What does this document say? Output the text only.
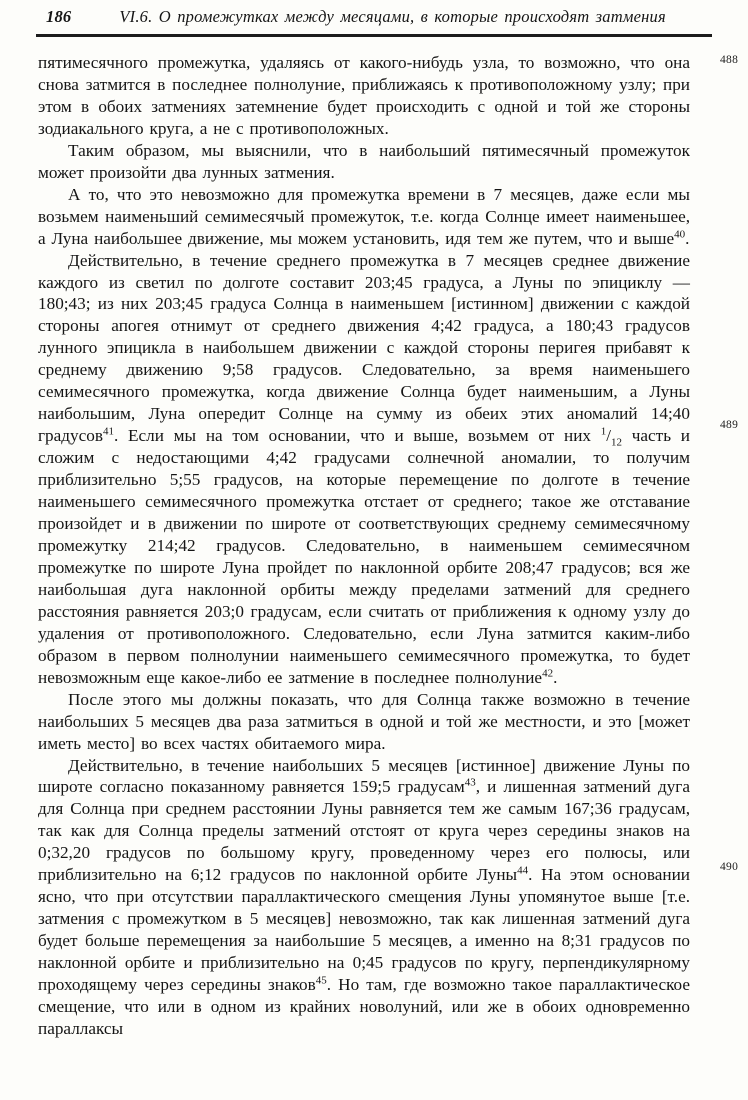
186	VI.6. О промежутках между месяцами, в которые происходят затмения

пятимесячного промежутка, удаляясь от какого-нибудь узла, то возможно, что она снова затмится в последнее полнолуние, приближаясь к противоположному узлу; при этом в обоих затмениях затемнение будет происходить с одной и той же стороны зодиакального круга, а не с противоположных.

Таким образом, мы выяснили, что в наибольший пятимесячный промежуток может произойти два лунных затмения.

А то, что это невозможно для промежутка времени в 7 месяцев, даже если мы возьмем наименьший семимесячый промежуток, т.е. когда Солнце имеет наименьшее, а Луна наибольшее движение, мы можем установить, идя тем же путем, что и выше$^{40}$.

Действительно, в течение среднего промежутка в 7 месяцев среднее движение каждого из светил по долготе составит 203;45 градуса, а Луны по эпициклу — 180;43; из них 203;45 градуса Солнца в наименьшем [истинном] движении с каждой стороны апогея отнимут от среднего движения 4;42 градуса, а 180;43 градусов лунного эпицикла в наибольшем движении с каждой стороны перигея прибавят к среднему движению 9;58 градусов. Следовательно, за время наименьшего семимесячного промежутка, когда движение Солнца будет наименьшим, а Луны наибольшим, Луна опередит Солнце на сумму из обеих этих аномалий 14;40 градусов$^{41}$. Если мы на том основании, что и выше, возьмем от них $^1/_{12}$ часть и сложим с недостающими 4;42 градусами солнечной аномалии, то получим приблизительно 5;55 градусов, на которые перемещение по долготе в течение наименьшего семимесячного промежутка отстает от среднего; такое же отставание произойдет и в движении по широте от соответствующих среднему семимесячному промежутку 214;42 градусов. Следовательно, в наименьшем семимесячном промежутке по широте Луна пройдет по наклонной орбите 208;47 градусов; вся же наибольшая дуга наклонной орбиты между пределами затмений для среднего расстояния равняется 203;0 градусам, если считать от приближения к одному узлу до удаления от противоположного. Следовательно, если Луна затмится каким-либо образом в первом полнолунии наименьшего семимесячного промежутка, то будет невозможным еще какое-либо ее затмение в последнее полнолуние$^{42}$.

После этого мы должны показать, что для Солнца также возможно в течение наибольших 5 месяцев два раза затмиться в одной и той же местности, и это [может иметь место] во всех частях обитаемого мира.

Действительно, в течение наибольших 5 месяцев [истинное] движение Луны по широте согласно показанному равняется 159;5 градусам$^{43}$, и лишенная затмений дуга для Солнца при среднем расстоянии Луны равняется тем же самым 167;36 градусам, так как для Солнца пределы затмений отстоят от круга через середины знаков на 0;32,20 градусов по большому кругу, проведенному через его полюсы, или приблизительно на 6;12 градусов по наклонной орбите Луны$^{44}$. На этом основании ясно, что при отсутствии параллактического смещения Луны упомянутое выше [т.е. затмения с промежутком в 5 месяцев] невозможно, так как лишенная затмений дуга будет больше перемещения за наибольшие 5 месяцев, а именно на 8;31 градусов по наклонной орбите и приблизительно на 0;45 градусов по кругу, перпендикулярному проходящему через середины знаков$^{45}$. Но там, где возможно такое параллактическое смещение, что или в одном из крайних новолуний, или же в обоих одновременно параллаксы

488
489
490
